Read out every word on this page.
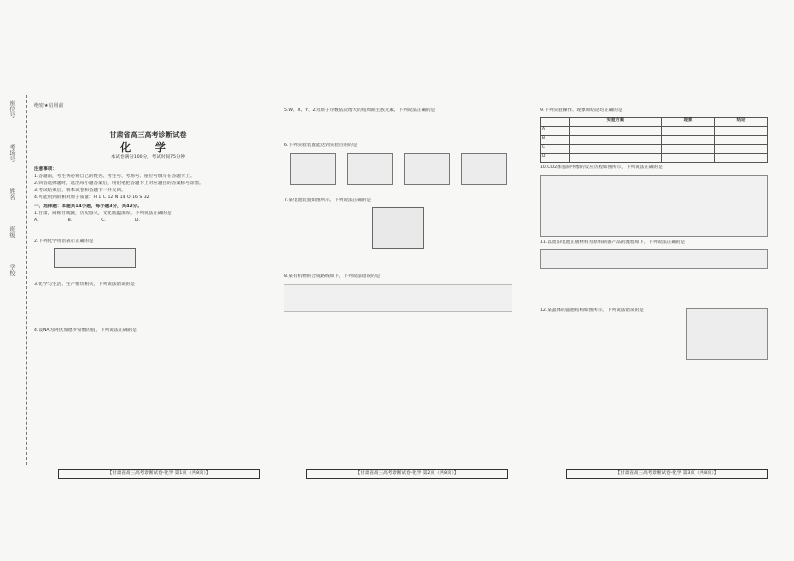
座位号
考场号
姓名
班级
学校
绝密★启用前
甘肃省高三高考诊断试卷
化 学
本试卷满分100分，考试时间75分钟
注意事项：
1.答题前，考生务必将自己的姓名、考生号、考场号、座位号填写在答题卡上。
2.回答选择题时，选出每小题答案后，用铅笔把答题卡上对应题目的答案标号涂黑。
3.考试结束后，将本试卷和答题卡一并交回。
4.可能用到的相对原子质量：H 1 C 12 N 14 O 16 S 32
一、选择题：本题共14小题，每小题3分，共42分。
1.甘肃，简称甘或陇，历史悠久，文化底蕴深厚。下列说法正确的是
A.　　　　　　	B.　　　　　　	C.　　　　　　	D.
2.下列化学用语表示正确的是
3.化学与生活、生产密切相关，下列说法错误的是
4.设NA为阿伏加德罗常数的值，下列说法正确的是
5.W、X、Y、Z为原子序数依次增大的短周期主族元素，下列说法正确的是
6.下列实验装置能达到实验目的的是
7.某电池装置如图所示，下列说法正确的是
8.某有机物的合成路线如下，下列说法错误的是
9.下列实验操作、现象和结论均正确的是
	实验方案	现象	结论
A			
B			
C			
D			
10.CO2加氢制甲醇的反应历程如图所示，下列说法正确的是
11.以废旧电池正极材料为原料制备产品的流程如下，下列说法正确的是
12.某晶体的晶胞结构如图所示，下列说法错误的是
【甘肃省高三高考诊断试卷·化学 第1页（共8页）】	【甘肃省高三高考诊断试卷·化学 第2页（共8页）】	【甘肃省高三高考诊断试卷·化学 第3页（共8页）】
